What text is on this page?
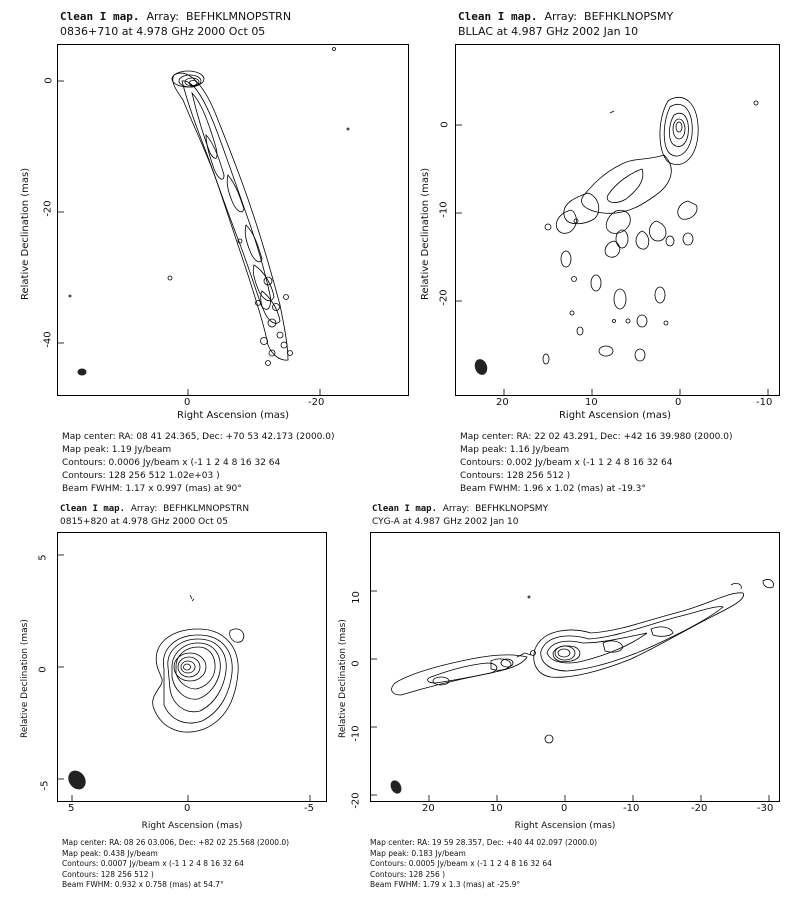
Clean I map. Array: BEFHKLMNOPSTRN
0836+710 at 4.978 GHz 2000 Oct 05
0
-20
-40
0	-20
Relative Declination (mas)
Right Ascension (mas)
Map center: RA: 08 41 24.365, Dec: +70 53 42.173 (2000.0)
Map peak: 1.19 Jy/beam
Contours: 0.0006 Jy/beam x (-1 1 2 4 8 16 32 64
Contours: 128 256 512 1.02e+03 )
Beam FWHM: 1.17 x 0.997 (mas) at 90°
Clean I map. Array: BEFHKLNOPSMY
BLLAC at 4.987 GHz 2002 Jan 10
0
-10
-20
20	10	0	-10
Relative Declination (mas)
Right Ascension (mas)
Map center: RA: 22 02 43.291, Dec: +42 16 39.980 (2000.0)
Map peak: 1.16 Jy/beam
Contours: 0.002 Jy/beam x (-1 1 2 4 8 16 32 64
Contours: 128 256 512 )
Beam FWHM: 1.96 x 1.02 (mas) at -19.3°
Clean I map. Array: BEFHKLMNOPSTRN
0815+820 at 4.978 GHz 2000 Oct 05
5
0
-5
5	0	-5
Relative Declination (mas)
Right Ascension (mas)
Map center: RA: 08 26 03.006, Dec: +82 02 25.568 (2000.0)
Map peak: 0.438 Jy/beam
Contours: 0.0007 Jy/beam x (-1 1 2 4 8 16 32 64
Contours: 128 256 512 )
Beam FWHM: 0.932 x 0.758 (mas) at 54.7°
Clean I map. Array: BEFHKLNOPSMY
CYG-A at 4.987 GHz 2002 Jan 10
10
0
-10
-20	20	10	0	-10	-20	-30
Relative Declination (mas)
Right Ascension (mas)
Map center: RA: 19 59 28.357, Dec: +40 44 02.097 (2000.0)
Map peak: 0.183 Jy/beam
Contours: 0.0005 Jy/beam x (-1 1 2 4 8 16 32 64
Contours: 128 256 )
Beam FWHM: 1.79 x 1.3 (mas) at -25.9°
